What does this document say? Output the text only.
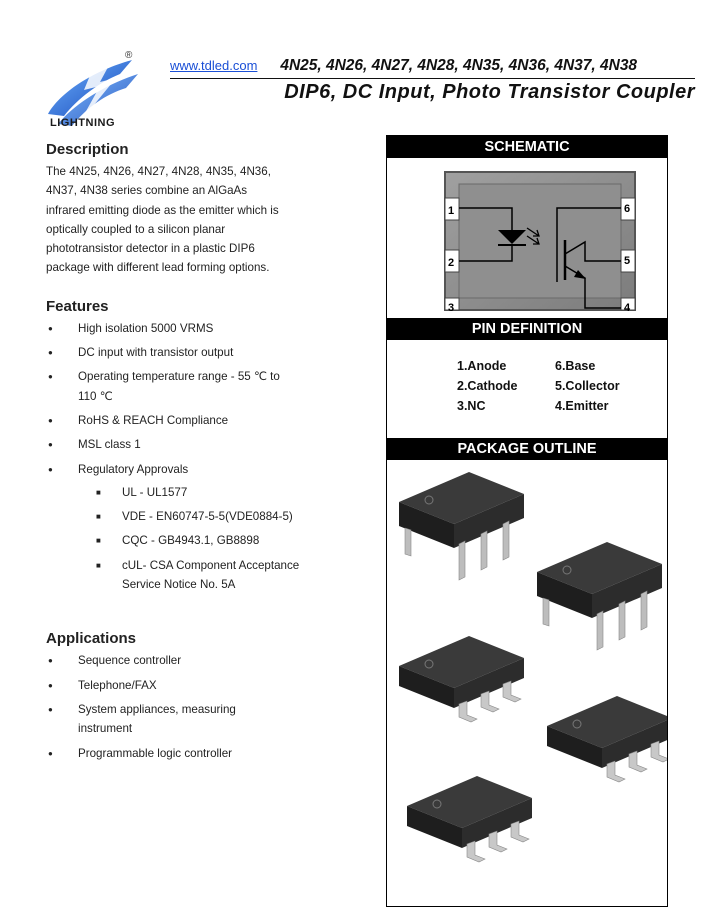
LIGHTNING
®
www.tdled.com 4N25, 4N26, 4N27, 4N28, 4N35, 4N36, 4N37, 4N38
DIP6, DC Input, Photo Transistor Coupler
Description
The 4N25, 4N26, 4N27, 4N28, 4N35, 4N36,
4N37, 4N38 series combine an AlGaAs
infrared emitting diode as the emitter which is
optically coupled to a silicon planar
phototransistor detector in a plastic DIP6
package with different lead forming options.
Features
● High isolation 5000 VRMS
● DC input with transistor output
● Operating temperature range - 55 ℃ to
110 ℃
● RoHS & REACH Compliance
● MSL class 1
● Regulatory Approvals
■ UL - UL1577
■ VDE - EN60747-5-5(VDE0884-5)
■ CQC - GB4943.1, GB8898
■ cUL- CSA Component Acceptance
Service Notice No. 5A
Applications
● Sequence controller
● Telephone/FAX
● System appliances, measuring
instrument
● Programmable logic controller
SCHEMATIC
1
2
3
6
5
4
PIN DEFINITION
1.Anode
2.Cathode
3.NC
6.Base
5.Collector
4.Emitter
PACKAGE OUTLINE
